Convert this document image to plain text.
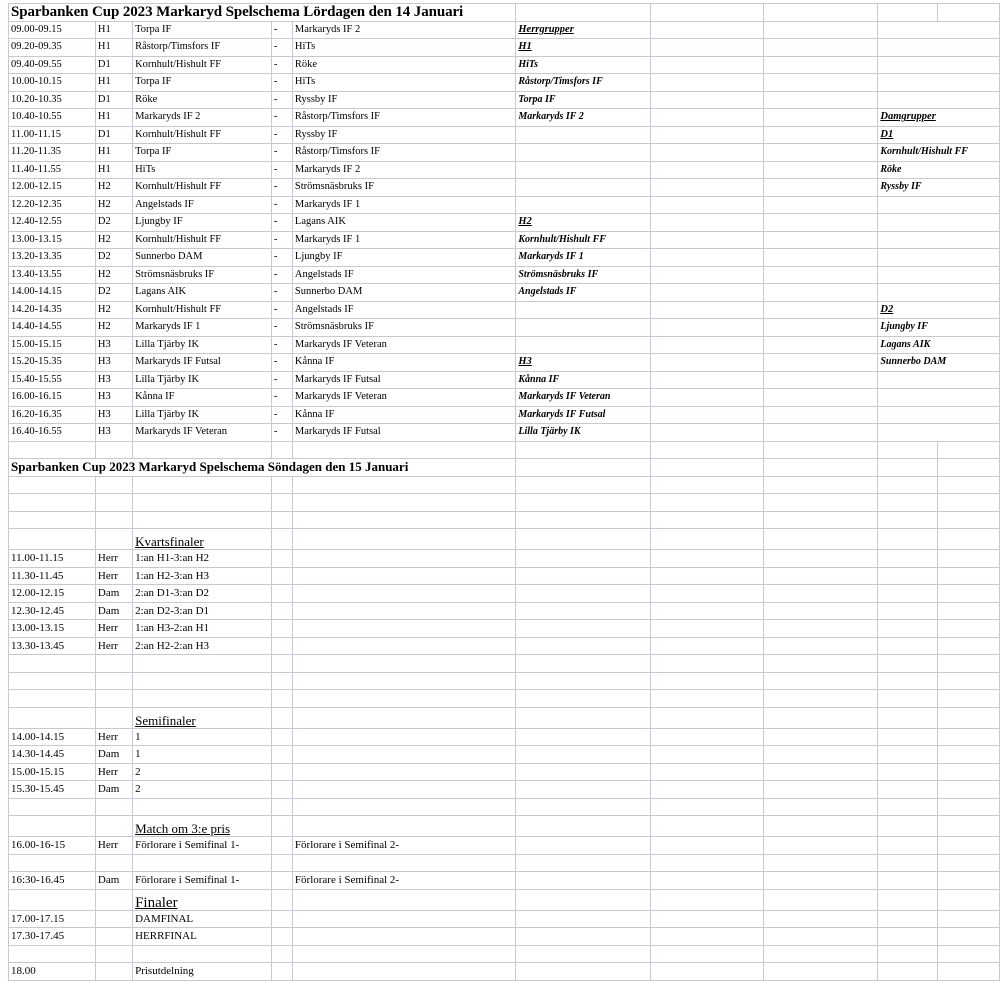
Sparbanken Cup 2023 Markaryd Spelschema Lördagen den 14 Januari									
09.00-09.15	H1	Torpa IF	-	Markaryds IF 2	Herrgrupper				
09.20-09.35	H1	Råstorp/Timsfors IF	-	HiTs	H1				
09.40-09.55	D1	Kornhult/Hishult FF	-	Röke	HiTs				
10.00-10.15	H1	Torpa IF	-	HiTs	Råstorp/Timsfors IF				
10.20-10.35	D1	Röke	-	Ryssby IF	Torpa IF				
10.40-10.55	H1	Markaryds IF 2	-	Råstorp/Timsfors IF	Markaryds IF 2			Damgrupper	
11.00-11.15	D1	Kornhult/Hishult FF	-	Ryssby IF				D1	
11.20-11.35	H1	Torpa IF	-	Råstorp/Timsfors IF				Kornhult/Hishult FF	
11.40-11.55	H1	HiTs	-	Markaryds IF 2				Röke	
12.00-12.15	H2	Kornhult/Hishult FF	-	Strömsnäsbruks IF				Ryssby IF	
12.20-12.35	H2	Angelstads IF	-	Markaryds IF 1					
12.40-12.55	D2	Ljungby IF	-	Lagans AIK	H2				
13.00-13.15	H2	Kornhult/Hishult FF	-	Markaryds IF 1	Kornhult/Hishult FF				
13.20-13.35	D2	Sunnerbo DAM	-	Ljungby IF	Markaryds IF 1				
13.40-13.55	H2	Strömsnäsbruks IF	-	Angelstads IF	Strömsnäsbruks IF				
14.00-14.15	D2	Lagans AIK	-	Sunnerbo DAM	Angelstads IF				
14.20-14.35	H2	Kornhult/Hishult FF	-	Angelstads IF				D2	
14.40-14.55	H2	Markaryds IF 1	-	Strömsnäsbruks IF				Ljungby IF	
15.00-15.15	H3	Lilla Tjärby IK	-	Markaryds IF Veteran				Lagans AIK	
15.20-15.35	H3	Markaryds IF Futsal	-	Kånna IF	H3			Sunnerbo DAM	
15.40-15.55	H3	Lilla Tjärby IK	-	Markaryds IF Futsal	Kånna IF				
16.00-16.15	H3	Kånna IF	-	Markaryds IF Veteran	Markaryds IF Veteran				
16.20-16.35	H3	Lilla Tjärby IK	-	Kånna IF	Markaryds IF Futsal				
16.40-16.55	H3	Markaryds IF Veteran	-	Markaryds IF Futsal	Lilla Tjärby IK				

Sparbanken Cup 2023 Markaryd Spelschema Söndagen den 15 Januari									

		Kvartsfinaler							
11.00-11.15	Herr	1:an H1-3:an H2							
11.30-11.45	Herr	1:an H2-3:an H3							
12.00-12.15	Dam	2:an D1-3:an D2							
12.30-12.45	Dam	2:an D2-3:an D1							
13.00-13.15	Herr	1:an H3-2:an H1							
13.30-13.45	Herr	2:an H2-2:an H3							

		Semifinaler							
14.00-14.15	Herr	1							
14.30-14.45	Dam	1							
15.00-15.15	Herr	2							
15.30-15.45	Dam	2							

		Match om 3:e pris							
16.00-16-15	Herr	Förlorare i Semifinal 1-		Förlorare i Semifinal 2-					

16:30-16.45	Dam	Förlorare i Semifinal 1-		Förlorare i Semifinal 2-					
		Finaler							
17.00-17.15		DAMFINAL							
17.30-17.45		HERRFINAL							

18.00		Prisutdelning							
